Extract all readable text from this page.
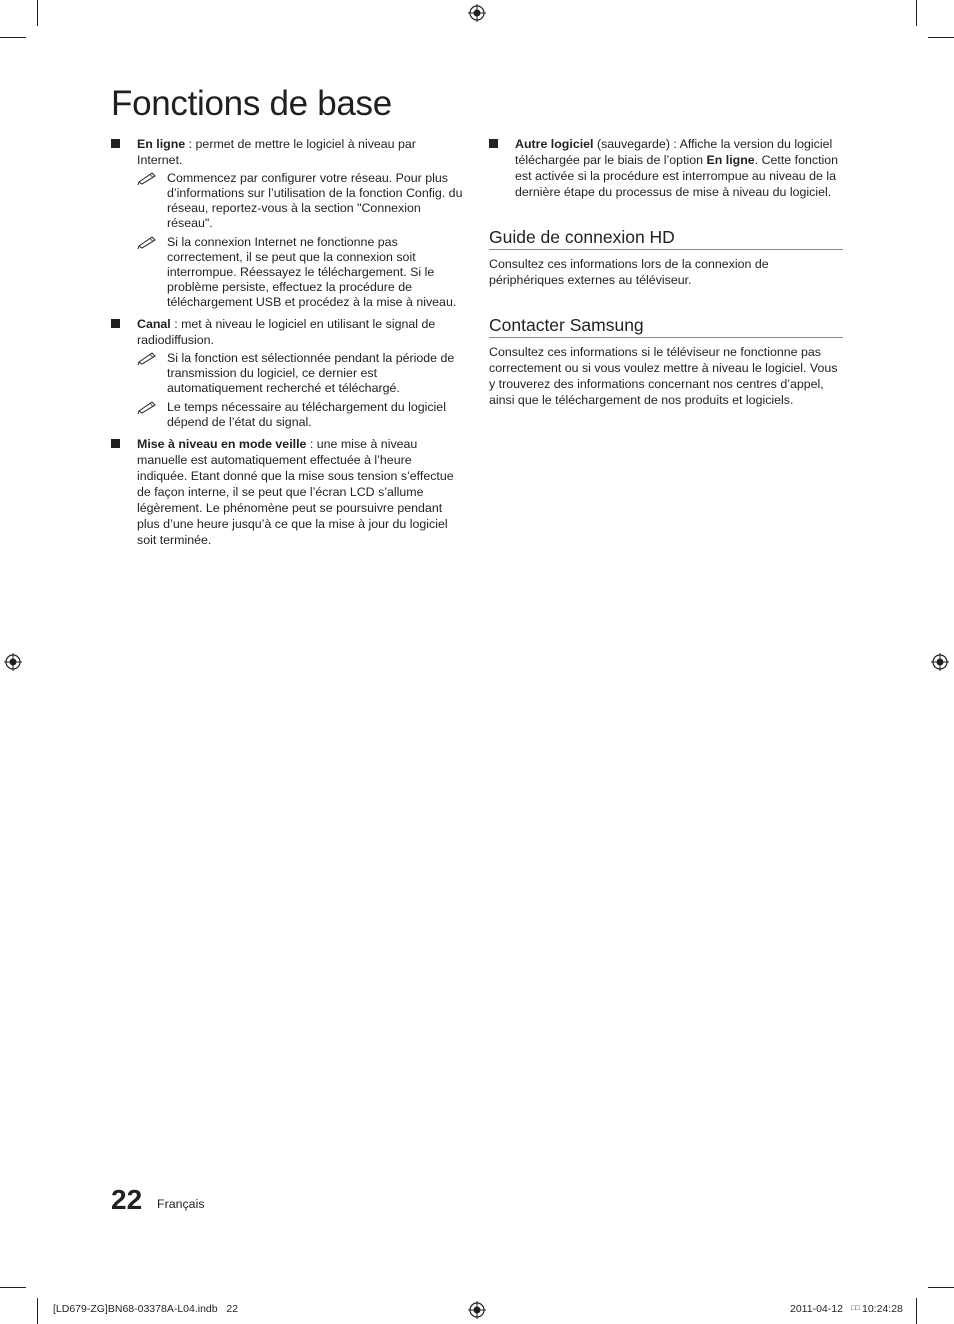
Fonctions de base
En ligne : permet de mettre le logiciel à niveau par Internet.
Commencez par configurer votre réseau. Pour plus d’informations sur l’utilisation de la fonction Config. du réseau, reportez-vous à la section "Connexion réseau".
Si la connexion Internet ne fonctionne pas correctement, il se peut que la connexion soit interrompue. Réessayez le téléchargement. Si le problème persiste, effectuez la procédure de téléchargement USB et procédez à la mise à niveau.
Canal : met à niveau le logiciel en utilisant le signal de radiodiffusion.
Si la fonction est sélectionnée pendant la période de transmission du logiciel, ce dernier est automatiquement recherché et téléchargé.
Le temps nécessaire au téléchargement du logiciel dépend de l’état du signal.
Mise à niveau en mode veille : une mise à niveau manuelle est automatiquement effectuée à l’heure indiquée. Etant donné que la mise sous tension s’effectue de façon interne, il se peut que l’écran LCD s’allume légèrement. Le phénomène peut se poursuivre pendant plus d’une heure jusqu’à ce que la mise à jour du logiciel soit terminée.
Autre logiciel (sauvegarde) : Affiche la version du logiciel téléchargée par le biais de l’option En ligne. Cette fonction est activée si la procédure est interrompue au niveau de la dernière étape du processus de mise à niveau du logiciel.
Guide de connexion HD

Consultez ces informations lors de la connexion de périphériques externes au téléviseur.

Contacter Samsung

Consultez ces informations si le téléviseur ne fonctionne pas correctement ou si vous voulez mettre à niveau le logiciel. Vous y trouverez des informations concernant nos centres d’appel, ainsi que le téléchargement de nos produits et logiciels.

22 Français
[LD679-ZG]BN68-03378A-L04.indb   22	2011-04-12 □□ 10:24:28
